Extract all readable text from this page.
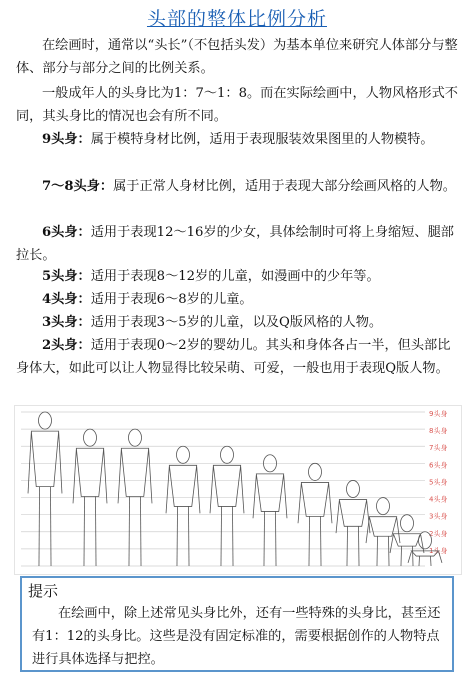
头部的整体比例分析

在绘画时，通常以“头长”（不包括头发）为基本单位来研究人体部分与整体、部分与部分之间的比例关系。

一般成年人的头身比为1：7～1：8。而在实际绘画中，人物风格形式不同，其头身比的情况也会有所不同。

9头身：属于模特身材比例，适用于表现服装效果图里的人物模特。

7～8头身：属于正常人身材比例，适用于表现大部分绘画风格的人物。

6头身：适用于表现12～16岁的少女，具体绘制时可将上身缩短、腿部拉长。

5头身：适用于表现8～12岁的儿童，如漫画中的少年等。

4头身：适用于表现6～8岁的儿童。

3头身：适用于表现3～5岁的儿童，以及Q版风格的人物。

2头身：适用于表现0～2岁的婴幼儿。其头和身体各占一半，但头部比身体大，如此可以让人物显得比较呆萌、可爱，一般也用于表现Q版人物。

9头身
8头身
7头身
6头身
5头身
4头身
3头身
2头身
1头身
提示

在绘画中，除上述常见头身比外，还有一些特殊的头身比，甚至还有1：12的头身比。这些是没有固定标准的，需要根据创作的人物特点进行具体选择与把控。
